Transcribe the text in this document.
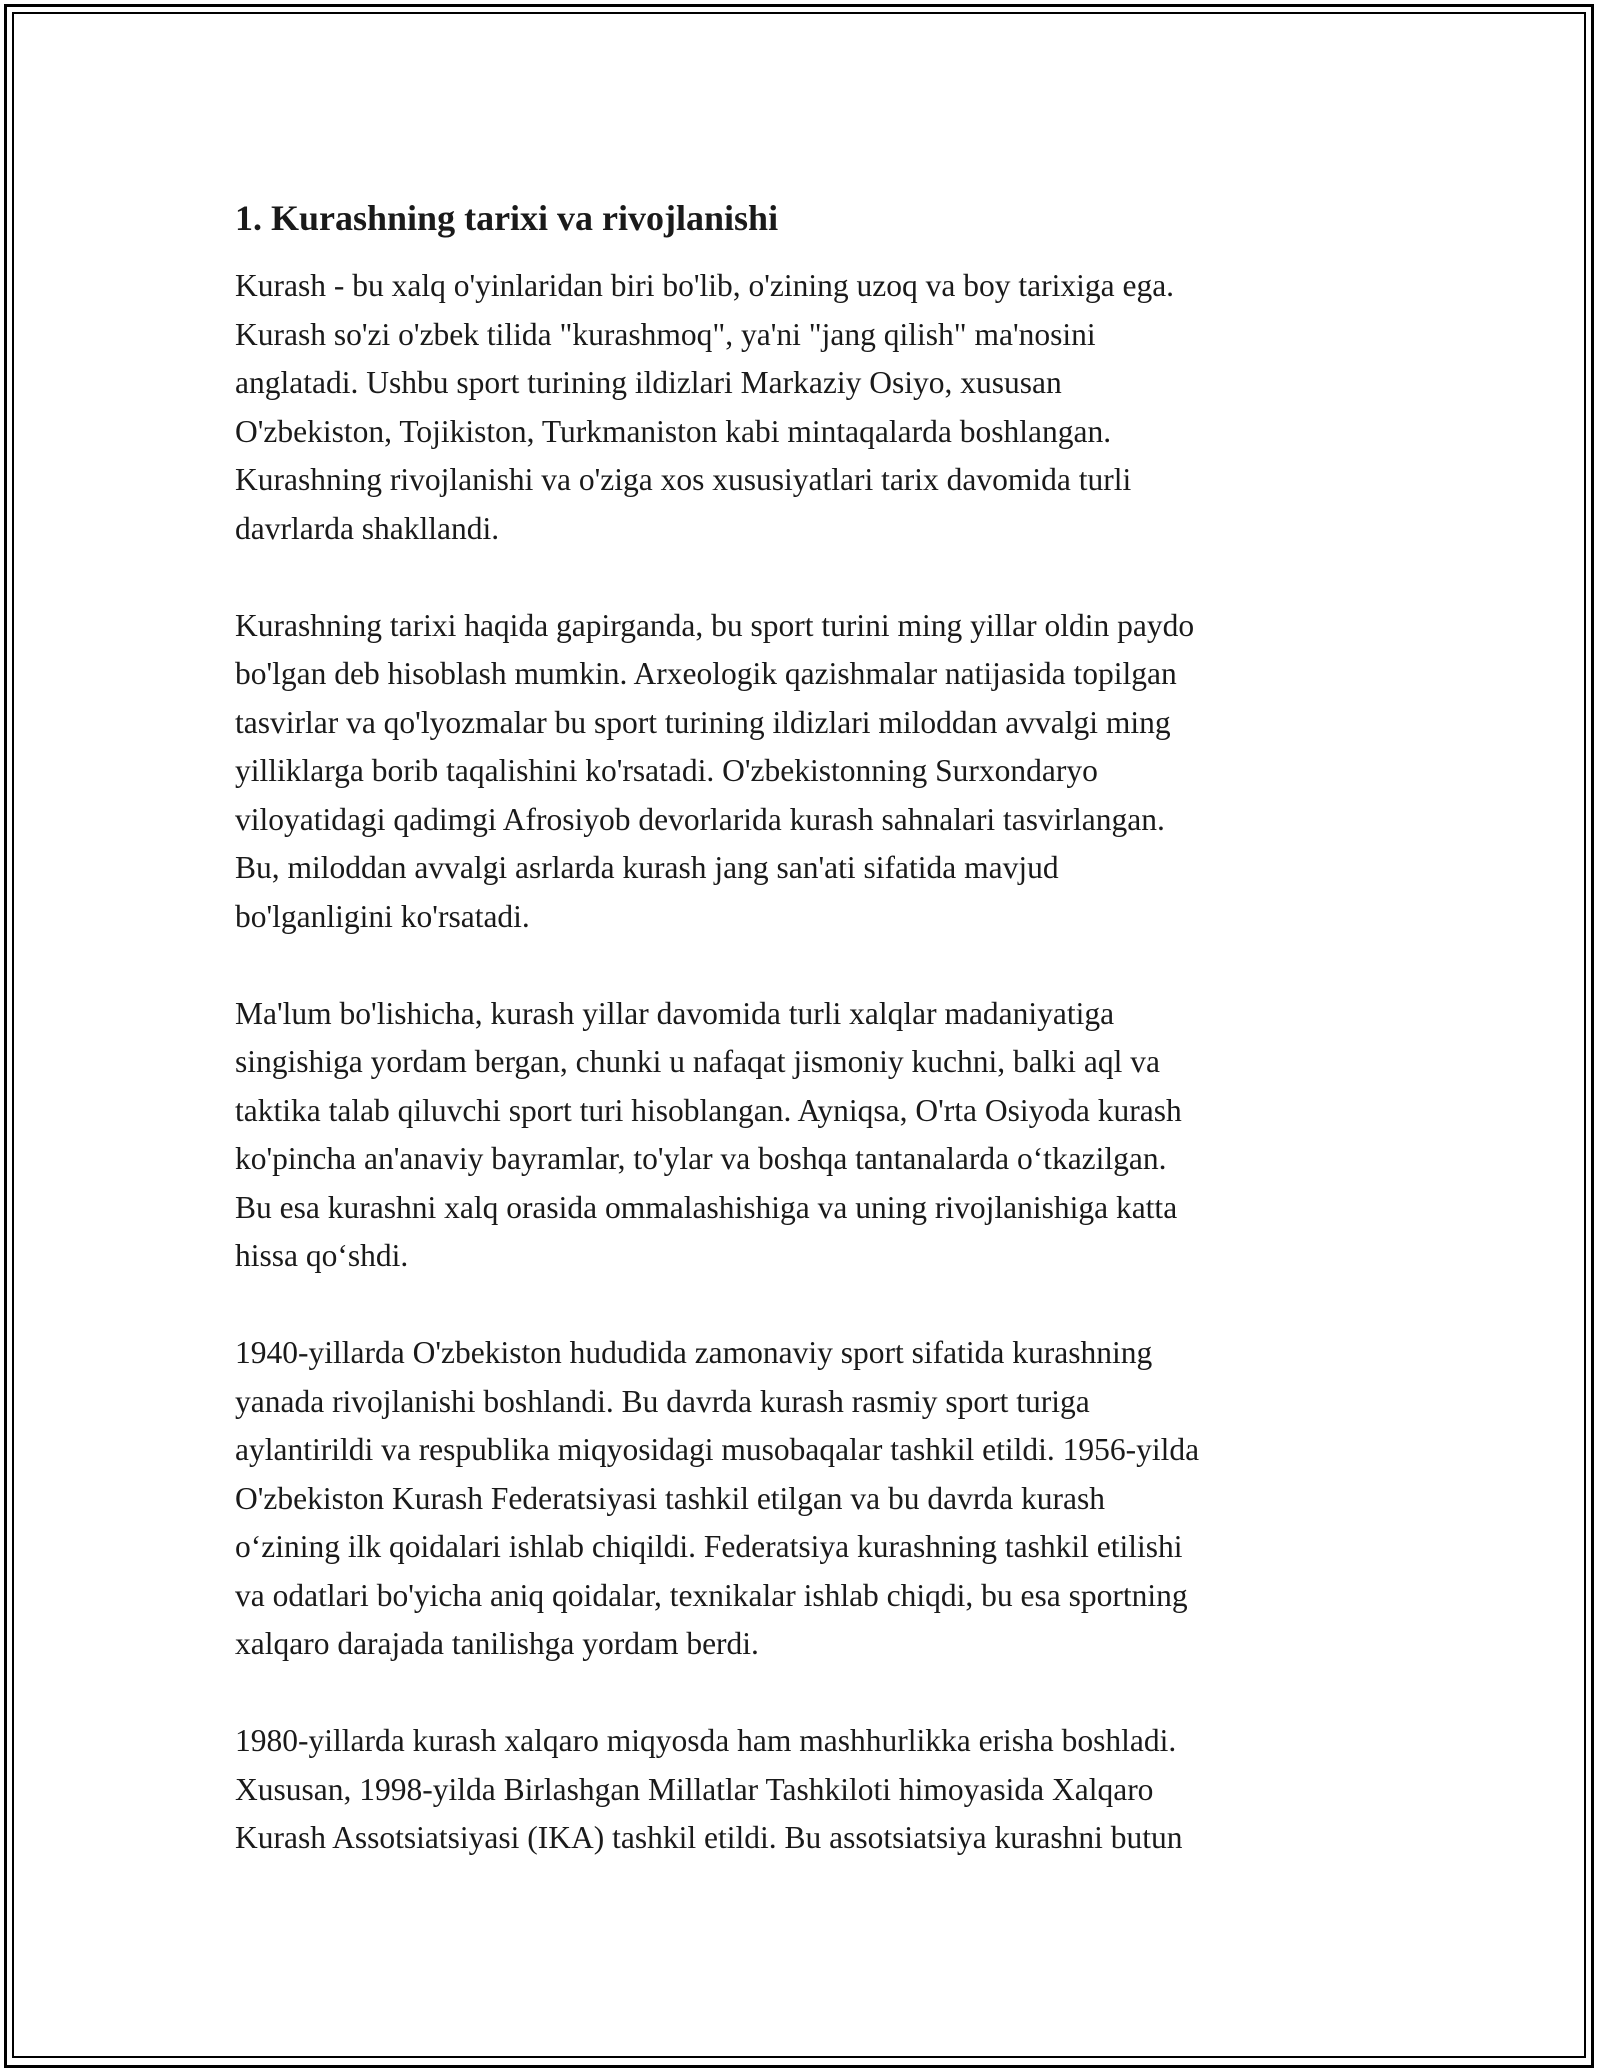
1. Kurashning tarixi va rivojlanishi

Kurash - bu xalq o'yinlaridan biri bo'lib, o'zining uzoq va boy tarixiga ega.
Kurash so'zi o'zbek tilida "kurashmoq", ya'ni "jang qilish" ma'nosini
anglatadi. Ushbu sport turining ildizlari Markaziy Osiyo, xususan
O'zbekiston, Tojikiston, Turkmaniston kabi mintaqalarda boshlangan.
Kurashning rivojlanishi va o'ziga xos xususiyatlari tarix davomida turli
davrlarda shakllandi.

Kurashning tarixi haqida gapirganda, bu sport turini ming yillar oldin paydo
bo'lgan deb hisoblash mumkin. Arxeologik qazishmalar natijasida topilgan
tasvirlar va qo'lyozmalar bu sport turining ildizlari miloddan avvalgi ming
yilliklarga borib taqalishini ko'rsatadi. O'zbekistonning Surxondaryo
viloyatidagi qadimgi Afrosiyob devorlarida kurash sahnalari tasvirlangan.
Bu, miloddan avvalgi asrlarda kurash jang san'ati sifatida mavjud
bo'lganligini ko'rsatadi.

Ma'lum bo'lishicha, kurash yillar davomida turli xalqlar madaniyatiga
singishiga yordam bergan, chunki u nafaqat jismoniy kuchni, balki aql va
taktika talab qiluvchi sport turi hisoblangan. Ayniqsa, O'rta Osiyoda kurash
ko'pincha an'anaviy bayramlar, to'ylar va boshqa tantanalarda o‘tkazilgan.
Bu esa kurashni xalq orasida ommalashishiga va uning rivojlanishiga katta
hissa qo‘shdi.

1940-yillarda O'zbekiston hududida zamonaviy sport sifatida kurashning
yanada rivojlanishi boshlandi. Bu davrda kurash rasmiy sport turiga
aylantirildi va respublika miqyosidagi musobaqalar tashkil etildi. 1956-yilda
O'zbekiston Kurash Federatsiyasi tashkil etilgan va bu davrda kurash
o‘zining ilk qoidalari ishlab chiqildi. Federatsiya kurashning tashkil etilishi
va odatlari bo'yicha aniq qoidalar, texnikalar ishlab chiqdi, bu esa sportning
xalqaro darajada tanilishga yordam berdi.

1980-yillarda kurash xalqaro miqyosda ham mashhurlikka erisha boshladi.
Xususan, 1998-yilda Birlashgan Millatlar Tashkiloti himoyasida Xalqaro
Kurash Assotsiatsiyasi (IKA) tashkil etildi. Bu assotsiatsiya kurashni butun
